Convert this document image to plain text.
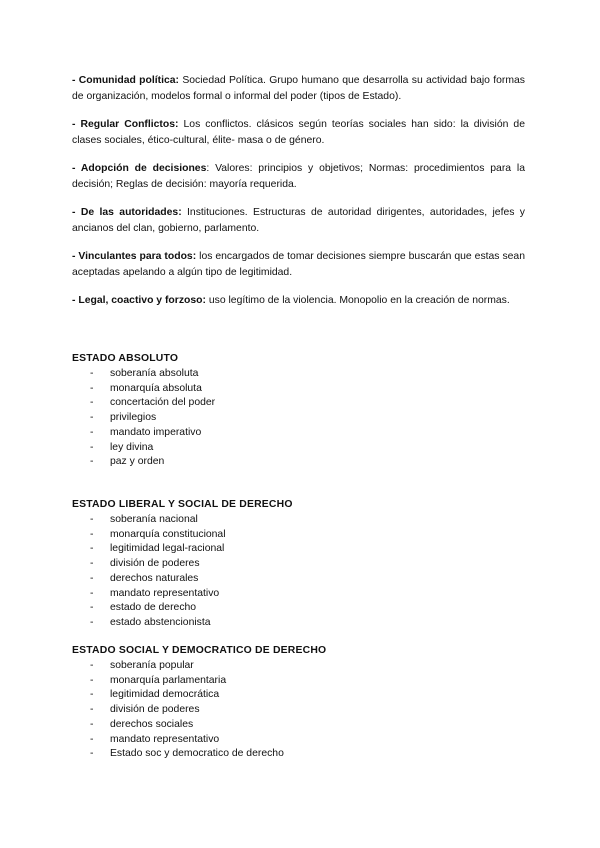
- Comunidad política: Sociedad Política. Grupo humano que desarrolla su actividad bajo formas de organización, modelos formal o informal del poder (tipos de Estado).

- Regular Conflictos: Los conflictos. clásicos según teorías sociales han sido: la división de clases sociales, ético-cultural, élite- masa o de género.

- Adopción de decisiones: Valores: principios y objetivos; Normas: procedimientos para la decisión; Reglas de decisión: mayoría requerida.

- De las autoridades: Instituciones. Estructuras de autoridad dirigentes, autoridades, jefes y ancianos del clan, gobierno, parlamento.

- Vinculantes para todos: los encargados de tomar decisiones siempre buscarán que estas sean aceptadas apelando a algún tipo de legitimidad.

- Legal, coactivo y forzoso: uso legítimo de la violencia. Monopolio en la creación de normas.

ESTADO ABSOLUTO
- soberanía absoluta
- monarquía absoluta
- concertación del poder
- privilegios
- mandato imperativo
- ley divina
- paz y orden
ESTADO LIBERAL Y SOCIAL DE DERECHO
- soberanía nacional
- monarquía constitucional
- legitimidad legal-racional
- división de poderes
- derechos naturales
- mandato representativo
- estado de derecho
- estado abstencionista
ESTADO SOCIAL Y DEMOCRATICO DE DERECHO
- soberanía popular
- monarquía parlamentaria
- legitimidad democrática
- división de poderes
- derechos sociales
- mandato representativo
- Estado soc y democratico de derecho
